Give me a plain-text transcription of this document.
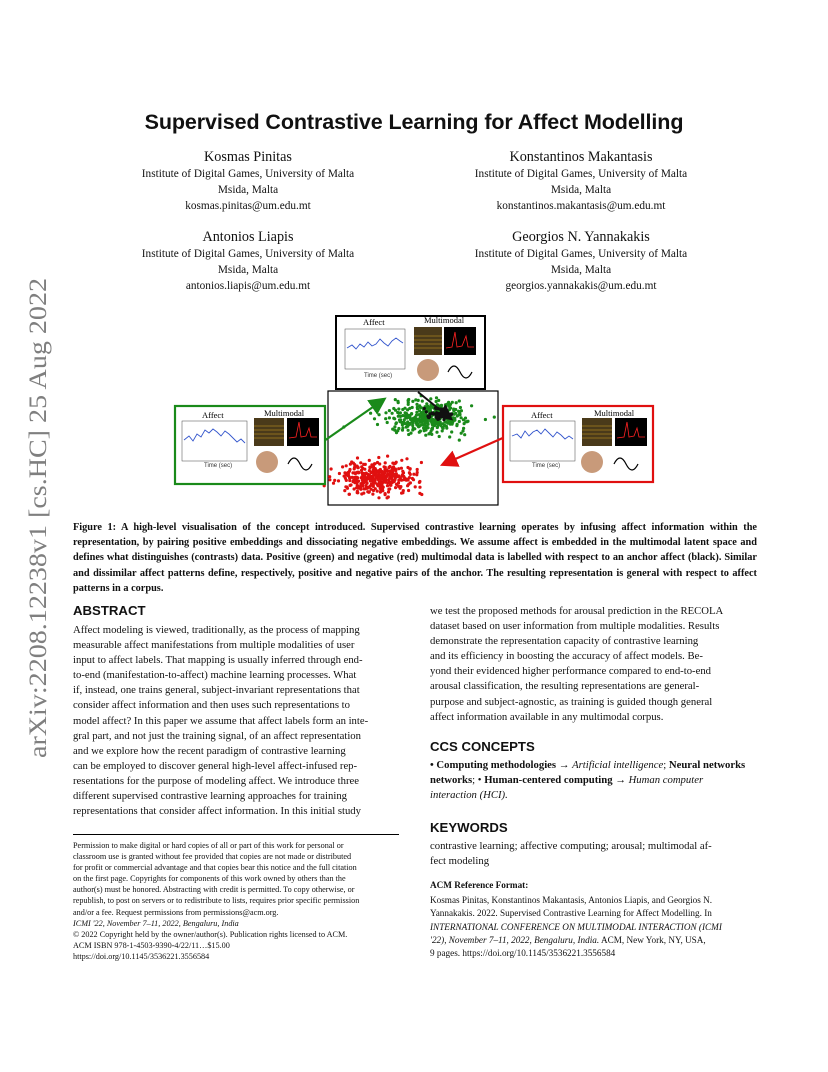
arXiv:2208.12238v1 [cs.HC] 25 Aug 2022
Supervised Contrastive Learning for Affect Modelling
Kosmas Pinitas
Institute of Digital Games, University of Malta
Msida, Malta
kosmas.pinitas@um.edu.mt
Konstantinos Makantasis
Institute of Digital Games, University of Malta
Msida, Malta
konstantinos.makantasis@um.edu.mt
Antonios Liapis
Institute of Digital Games, University of Malta
Msida, Malta
antonios.liapis@um.edu.mt
Georgios N. Yannakakis
Institute of Digital Games, University of Malta
Msida, Malta
georgios.yannakakis@um.edu.mt
Affect	Multimodal
Time (sec)
Affect	Multimodal
Time (sec)
Affect	Multimodal
Time (sec)
Figure 1: A high-level visualisation of the concept introduced. Supervised contrastive learning operates by infusing affect information within the representation, by pairing positive embeddings and dissociating negative embeddings. We assume affect is embedded in the multimodal latent space and defines what distinguishes (contrasts) data. Positive (green) and negative (red) multimodal data is labelled with respect to an anchor affect (black). Similar and dissimilar affect patterns define, respectively, positive and negative pairs of the anchor. The resulting representation is general with respect to affect patterns in a corpus.
ABSTRACT
Affect modeling is viewed, traditionally, as the process of mapping
measurable affect manifestations from multiple modalities of user
input to affect labels. That mapping is usually inferred through end-
to-end (manifestation-to-affect) machine learning processes. What
if, instead, one trains general, subject-invariant representations that
consider affect information and then uses such representations to
model affect? In this paper we assume that affect labels form an inte-
gral part, and not just the training signal, of an affect representation
and we explore how the recent paradigm of contrastive learning
can be employed to discover general high-level affect-infused rep-
resentations for the purpose of modeling affect. We introduce three
different supervised contrastive learning approaches for training
representations that consider affect information. In this initial study
Permission to make digital or hard copies of all or part of this work for personal or
classroom use is granted without fee provided that copies are not made or distributed
for profit or commercial advantage and that copies bear this notice and the full citation
on the first page. Copyrights for components of this work owned by others than the
author(s) must be honored. Abstracting with credit is permitted. To copy otherwise, or
republish, to post on servers or to redistribute to lists, requires prior specific permission
and/or a fee. Request permissions from permissions@acm.org.
ICMI '22, November 7–11, 2022, Bengaluru, India
© 2022 Copyright held by the owner/author(s). Publication rights licensed to ACM.
ACM ISBN 978-1-4503-9390-4/22/11…$15.00
https://doi.org/10.1145/3536221.3556584
we test the proposed methods for arousal prediction in the RECOLA
dataset based on user information from multiple modalities. Results
demonstrate the representation capacity of contrastive learning
and its efficiency in boosting the accuracy of affect models. Be-
yond their evidenced higher performance compared to end-to-end
arousal classification, the resulting representations are general-
purpose and subject-agnostic, as training is guided though general
affect information available in any multimodal corpus.
CCS CONCEPTS
• Computing methodologies → Artificial intelligence; Neural networks

networks; • Human-centered computing → Human computer
interaction (HCI).
KEYWORDS
contrastive learning; affective computing; arousal; multimodal af-
fect modeling
ACM Reference Format:
Kosmas Pinitas, Konstantinos Makantasis, Antonios Liapis, and Georgios N.
Yannakakis. 2022. Supervised Contrastive Learning for Affect Modelling. In
INTERNATIONAL CONFERENCE ON MULTIMODAL INTERACTION (ICMI
'22), November 7–11, 2022, Bengaluru, India. ACM, New York, NY, USA,
9 pages. https://doi.org/10.1145/3536221.3556584
